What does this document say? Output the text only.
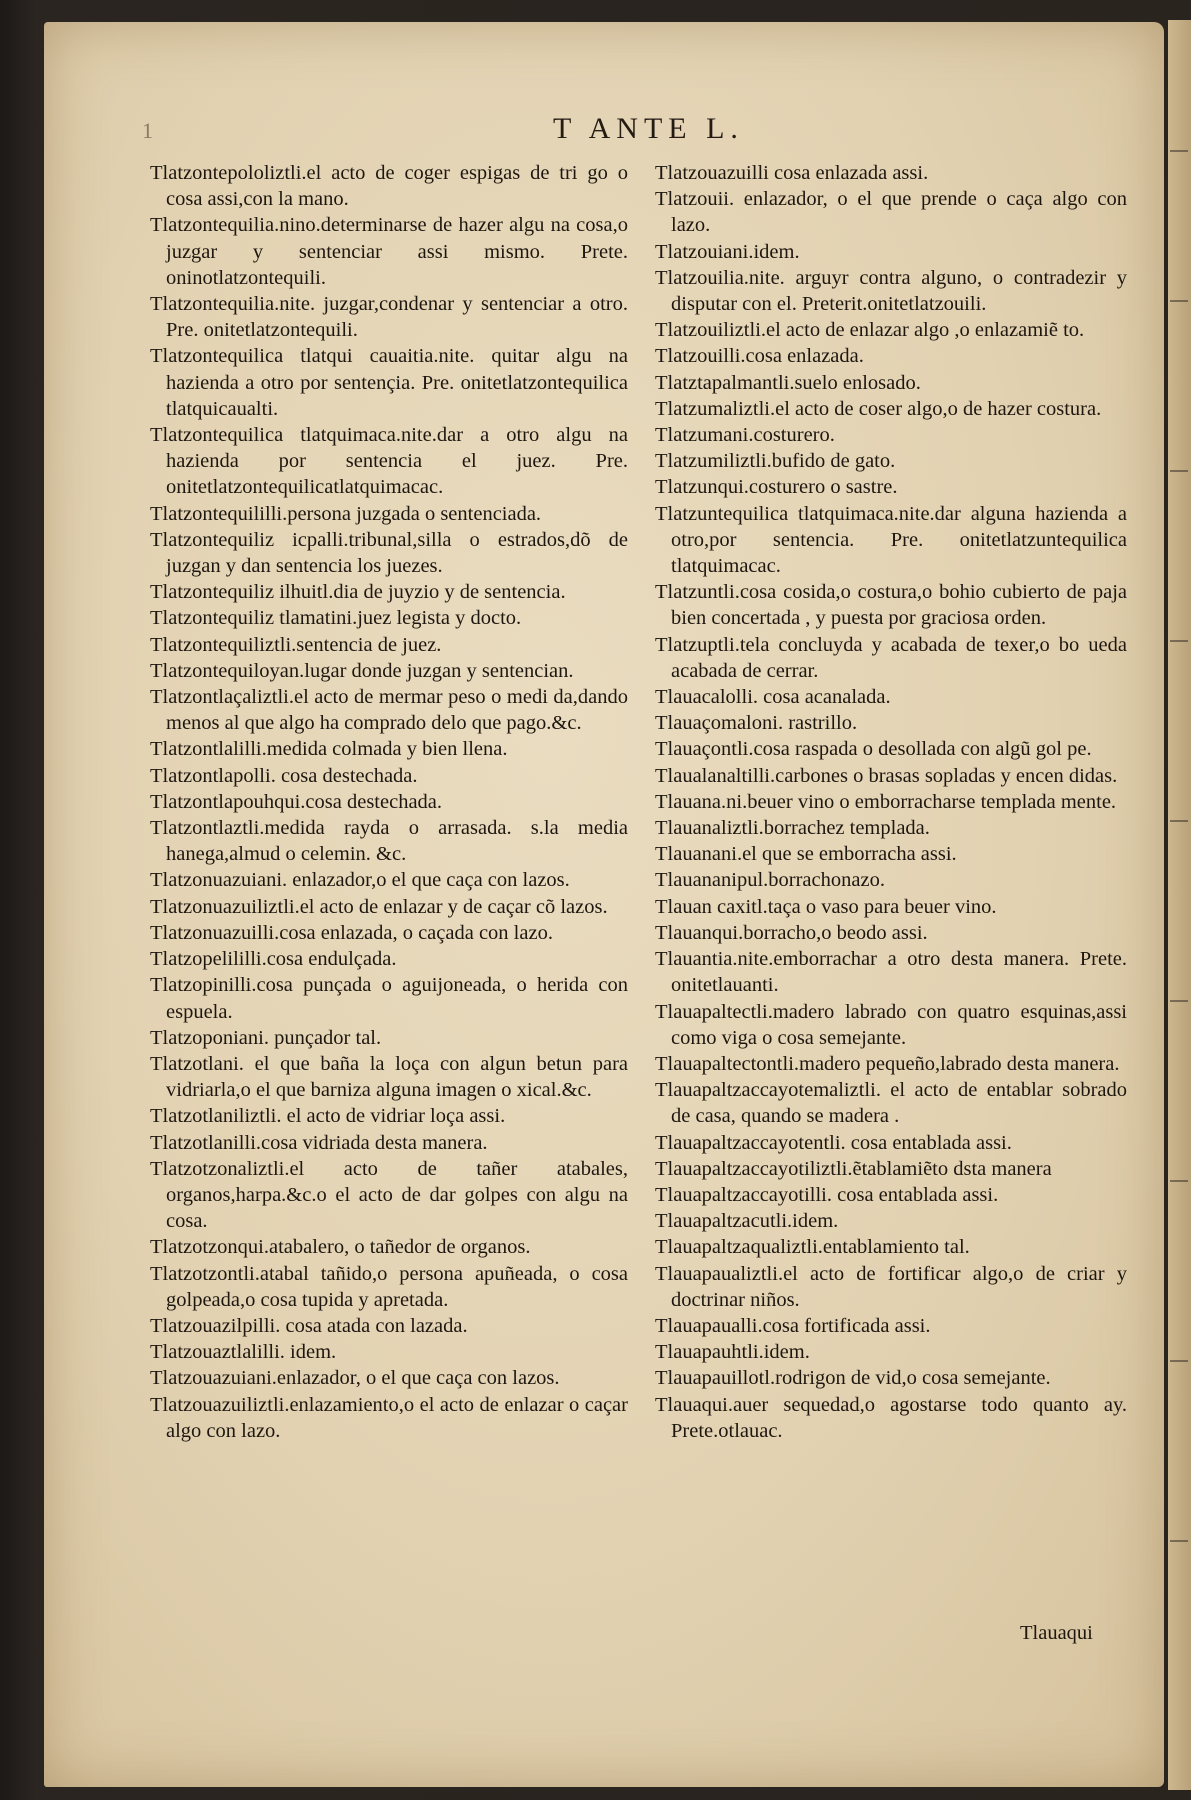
1	T ANTE L.

Tlatzontepololiztli.el acto de coger espigas de tri go o cosa assi,con la mano.

Tlatzontequilia.nino.determinarse de hazer algu na cosa,o juzgar y sentenciar assi mismo. Prete. oninotlatzontequili.

Tlatzontequilia.nite. juzgar,condenar y sentenciar a otro. Pre. onitetlatzontequili.

Tlatzontequilica tlatqui cauaitia.nite. quitar algu na hazienda a otro por sentençia. Pre. onitetlatzontequilica tlatquicaualti.

Tlatzontequilica tlatquimaca.nite.dar a otro algu na hazienda por sentencia el juez. Pre. onitetlatzontequilicatlatquimacac.

Tlatzontequililli.persona juzgada o sentenciada.

Tlatzontequiliz icpalli.tribunal,silla o estrados,dõ de juzgan y dan sentencia los juezes.

Tlatzontequiliz ilhuitl.dia de juyzio y de sentencia.

Tlatzontequiliz tlamatini.juez legista y docto.

Tlatzontequiliztli.sentencia de juez.

Tlatzontequiloyan.lugar donde juzgan y sentencian.

Tlatzontlaçaliztli.el acto de mermar peso o medi da,dando menos al que algo ha comprado delo que pago.&c.

Tlatzontlalilli.medida colmada y bien llena.

Tlatzontlapolli. cosa destechada.

Tlatzontlapouhqui.cosa destechada.

Tlatzontlaztli.medida rayda o arrasada. s.la media hanega,almud o celemin. &c.

Tlatzonuazuiani. enlazador,o el que caça con lazos.

Tlatzonuazuiliztli.el acto de enlazar y de caçar cõ lazos.

Tlatzonuazuilli.cosa enlazada, o caçada con lazo.

Tlatzopelililli.cosa endulçada.

Tlatzopinilli.cosa punçada o aguijoneada, o herida con espuela.

Tlatzoponiani. punçador tal.

Tlatzotlani. el que baña la loça con algun betun para vidriarla,o el que barniza alguna imagen o xical.&c.

Tlatzotlaniliztli. el acto de vidriar loça assi.

Tlatzotlanilli.cosa vidriada desta manera.

Tlatzotzonaliztli.el acto de tañer atabales, organos,harpa.&c.o el acto de dar golpes con algu na cosa.

Tlatzotzonqui.atabalero, o tañedor de organos.

Tlatzotzontli.atabal tañido,o persona apuñeada, o cosa golpeada,o cosa tupida y apretada.

Tlatzouazilpilli. cosa atada con lazada.

Tlatzouaztlalilli. idem.

Tlatzouazuiani.enlazador, o el que caça con lazos.

Tlatzouazuiliztli.enlazamiento,o el acto de enlazar o caçar algo con lazo.

Tlatzouazuilli cosa enlazada assi.

Tlatzouii. enlazador, o el que prende o caça algo con lazo.

Tlatzouiani.idem.

Tlatzouilia.nite. arguyr contra alguno, o contradezir y disputar con el. Preterit.onitetlatzouili.

Tlatzouiliztli.el acto de enlazar algo ,o enlazamiẽ to.

Tlatzouilli.cosa enlazada.

Tlatztapalmantli.suelo enlosado.

Tlatzumaliztli.el acto de coser algo,o de hazer costura.

Tlatzumani.costurero.

Tlatzumiliztli.bufido de gato.

Tlatzunqui.costurero o sastre.

Tlatzuntequilica tlatquimaca.nite.dar alguna hazienda a otro,por sentencia. Pre. onitetlatzuntequilica tlatquimacac.

Tlatzuntli.cosa cosida,o costura,o bohio cubierto de paja bien concertada , y puesta por graciosa orden.

Tlatzuptli.tela concluyda y acabada de texer,o bo ueda acabada de cerrar.

Tlauacalolli. cosa acanalada.

Tlauaçomaloni. rastrillo.

Tlauaçontli.cosa raspada o desollada con algũ gol pe.

Tlaualanaltilli.carbones o brasas sopladas y encen didas.

Tlauana.ni.beuer vino o emborracharse templada mente.

Tlauanaliztli.borrachez templada.

Tlauanani.el que se emborracha assi.

Tlauananipul.borrachonazo.

Tlauan caxitl.taça o vaso para beuer vino.

Tlauanqui.borracho,o beodo assi.

Tlauantia.nite.emborrachar a otro desta manera. Prete. onitetlauanti.

Tlauapaltectli.madero labrado con quatro esquinas,assi como viga o cosa semejante.

Tlauapaltectontli.madero pequeño,labrado desta manera.

Tlauapaltzaccayotemaliztli. el acto de entablar sobrado de casa, quando se madera .

Tlauapaltzaccayotentli. cosa entablada assi.

Tlauapaltzaccayotiliztli.ẽtablamiẽto dsta manera

Tlauapaltzaccayotilli. cosa entablada assi.

Tlauapaltzacutli.idem.

Tlauapaltzaqualiztli.entablamiento tal.

Tlauapaualiztli.el acto de fortificar algo,o de criar y doctrinar niños.

Tlauapaualli.cosa fortificada assi.

Tlauapauhtli.idem.

Tlauapauillotl.rodrigon de vid,o cosa semejante.

Tlauaqui.auer sequedad,o agostarse todo quanto ay. Prete.otlauac.

Tlauaqui
